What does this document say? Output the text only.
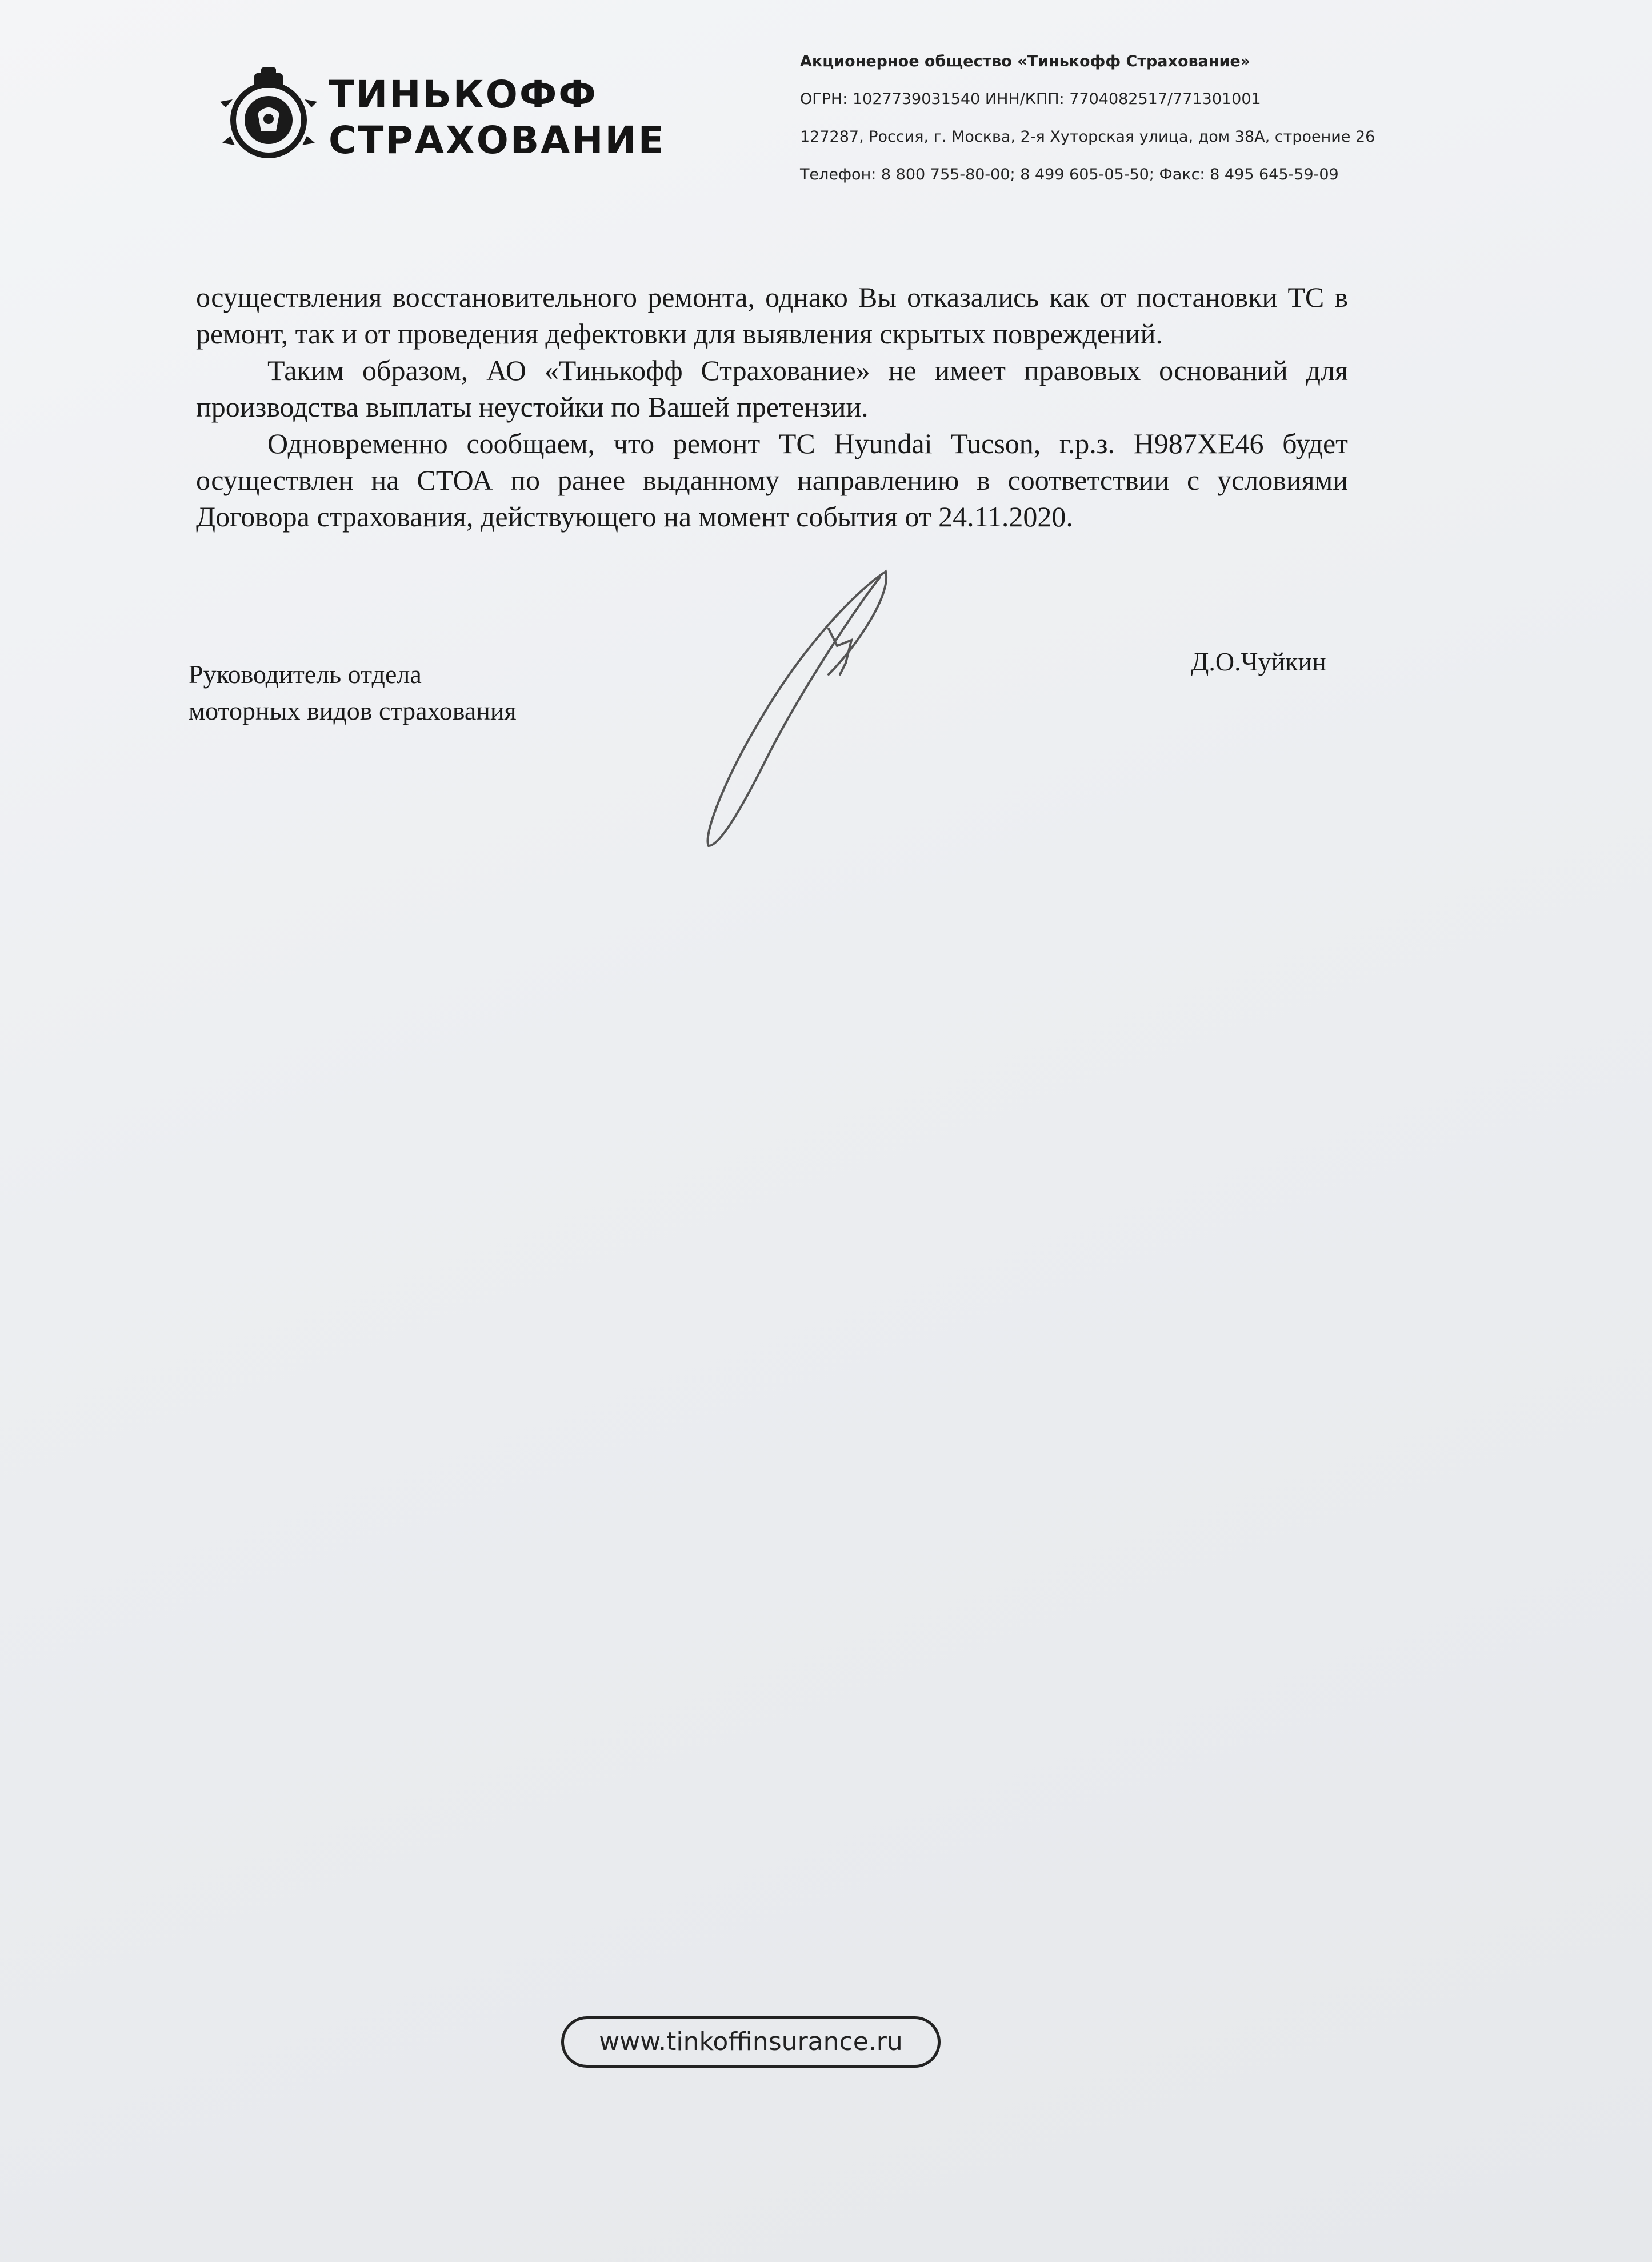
ТИНЬКОФФ
СТРАХОВАНИЕ
Акционерное общество «Тинькофф Страхование»
ОГРН: 1027739031540 ИНН/КПП: 7704082517/771301001
127287, Россия, г. Москва, 2-я Хуторская улица, дом 38А, строение 26
Телефон: 8 800 755-80-00; 8 499 605-05-50; Факс: 8 495 645-59-09

осуществления восстановительного ремонта, однако Вы отказались как от постановки ТС в ремонт, так и от проведения дефектовки для выявления скрытых повреждений.

Таким образом, АО «Тинькофф Страхование» не имеет правовых оснований для производства выплаты неустойки по Вашей претензии.

Одновременно сообщаем, что ремонт ТС Hyundai Tucson, г.р.з. Н987ХЕ46 будет осуществлен на СТОА по ранее выданному направлению в соответствии с условиями Договора страхования, действующего на момент события от 24.11.2020.

Руководитель отдела
моторных видов страхования
Д.О.Чуйкин
www.tinkoffinsurance.ru
